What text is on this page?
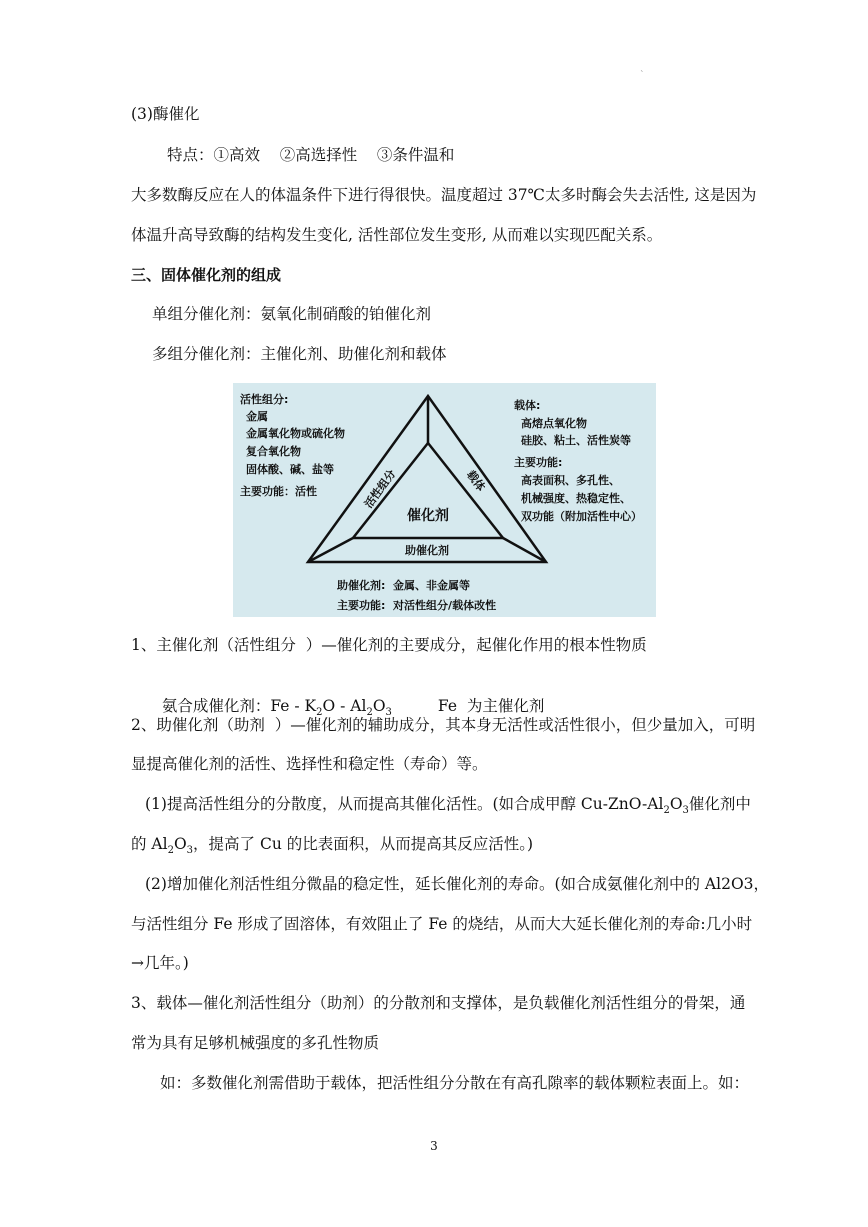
`
(3)酶催化
特点：①高效    ②高选择性    ③条件温和
大多数酶反应在人的体温条件下进行得很快。温度超过 37℃太多时酶会失去活性, 这是因为
体温升高导致酶的结构发生变化, 活性部位发生变形, 从而难以实现匹配关系。
三、固体催化剂的组成
单组分催化剂：氨氧化制硝酸的铂催化剂
多组分催化剂：主催化剂、助催化剂和载体
活性组分	载体
催化剂
助催化剂
活性组分:
金属
金属氧化物或硫化物
复合氧化物
固体酸、碱、盐等
主要功能：活性
载体:
高熔点氧化物
硅胶、粘土、活性炭等
主要功能:
高表面积、多孔性、
机械强度、热稳定性、
双功能（附加活性中心）
助催化剂:  金属、非金属等
主要功能:  对活性组分/载体改性
1、主催化剂（活性组分  ）—催化剂的主要成分，起催化作用的根本性物质

氨合成催化剂：Fe - $K_2O - Al_2O_3$	Fe  为主催化剂

2、助催化剂（助剂  ）—催化剂的辅助成分，其本身无活性或活性很小，但少量加入，可明
显提高催化剂的活性、选择性和稳定性（寿命）等。
(1)提高活性组分的分散度，从而提高其催化活性。(如合成甲醇 $Cu-ZnO-Al_2O_3$催化剂中
的 $Al_2O_3$，提高了 Cu 的比表面积，从而提高其反应活性。)
(2)增加催化剂活性组分微晶的稳定性，延长催化剂的寿命。(如合成氨催化剂中的 Al2O3，
与活性组分 Fe 形成了固溶体，有效阻止了 Fe 的烧结，从而大大延长催化剂的寿命:几小时
→几年。)
3、载体—催化剂活性组分（助剂）的分散剂和支撑体，是负载催化剂活性组分的骨架，通
常为具有足够机械强度的多孔性物质
如：多数催化剂需借助于载体，把活性组分分散在有高孔隙率的载体颗粒表面上。如：
3
